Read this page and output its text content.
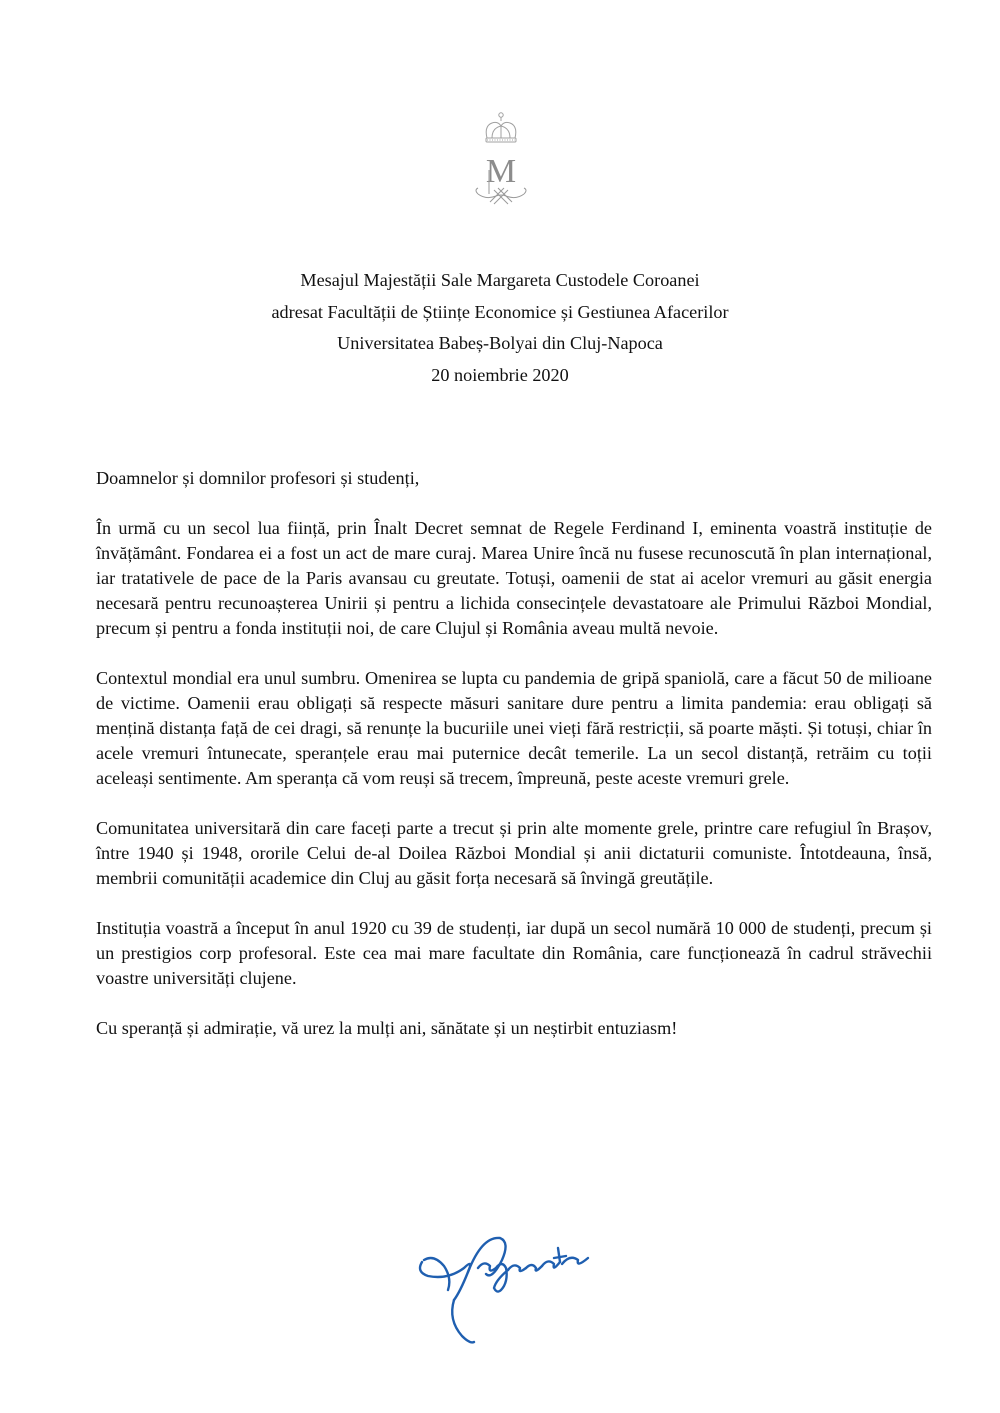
M
Mesajul Majestății Sale Margareta Custodele Coroanei
adresat Facultății de Științe Economice și Gestiunea Afacerilor
Universitatea Babeș-Bolyai din Cluj-Napoca
20 noiembrie 2020

Doamnelor și domnilor profesori și studenți,

În urmă cu un secol lua ființă, prin Înalt Decret semnat de Regele Ferdinand I, eminenta voastră instituție de învățământ. Fondarea ei a fost un act de mare curaj. Marea Unire încă nu fusese recunoscută în plan internațional, iar tratativele de pace de la Paris avansau cu greutate. Totuși, oamenii de stat ai acelor vremuri au găsit energia necesară pentru recunoașterea Unirii și pentru a lichida consecințele devastatoare ale Primului Război Mondial, precum și pentru a fonda instituții noi, de care Clujul și România aveau multă nevoie.

Contextul mondial era unul sumbru. Omenirea se lupta cu pandemia de gripă spaniolă, care a făcut 50 de milioane de victime. Oamenii erau obligați să respecte măsuri sanitare dure pentru a limita pandemia: erau obligați să mențină distanța față de cei dragi, să renunțe la bucuriile unei vieți fără restricții, să poarte măști. Și totuși, chiar în acele vremuri întunecate, speranțele erau mai puternice decât temerile. La un secol distanță, retrăim cu toții aceleași sentimente. Am speranța că vom reuși să trecem, împreună, peste aceste vremuri grele.

Comunitatea universitară din care faceți parte a trecut și prin alte momente grele, printre care refugiul în Brașov, între 1940 și 1948, ororile Celui de-al Doilea Război Mondial și anii dictaturii comuniste. Întotdeauna, însă, membrii comunității academice din Cluj au găsit forța necesară să învingă greutățile.

Instituția voastră a început în anul 1920 cu 39 de studenți, iar după un secol numără 10 000 de studenți, precum și un prestigios corp profesoral. Este cea mai mare facultate din România, care funcționează în cadrul străvechii voastre universități clujene.

Cu speranță și admirație, vă urez la mulți ani, sănătate și un neștirbit entuziasm!
